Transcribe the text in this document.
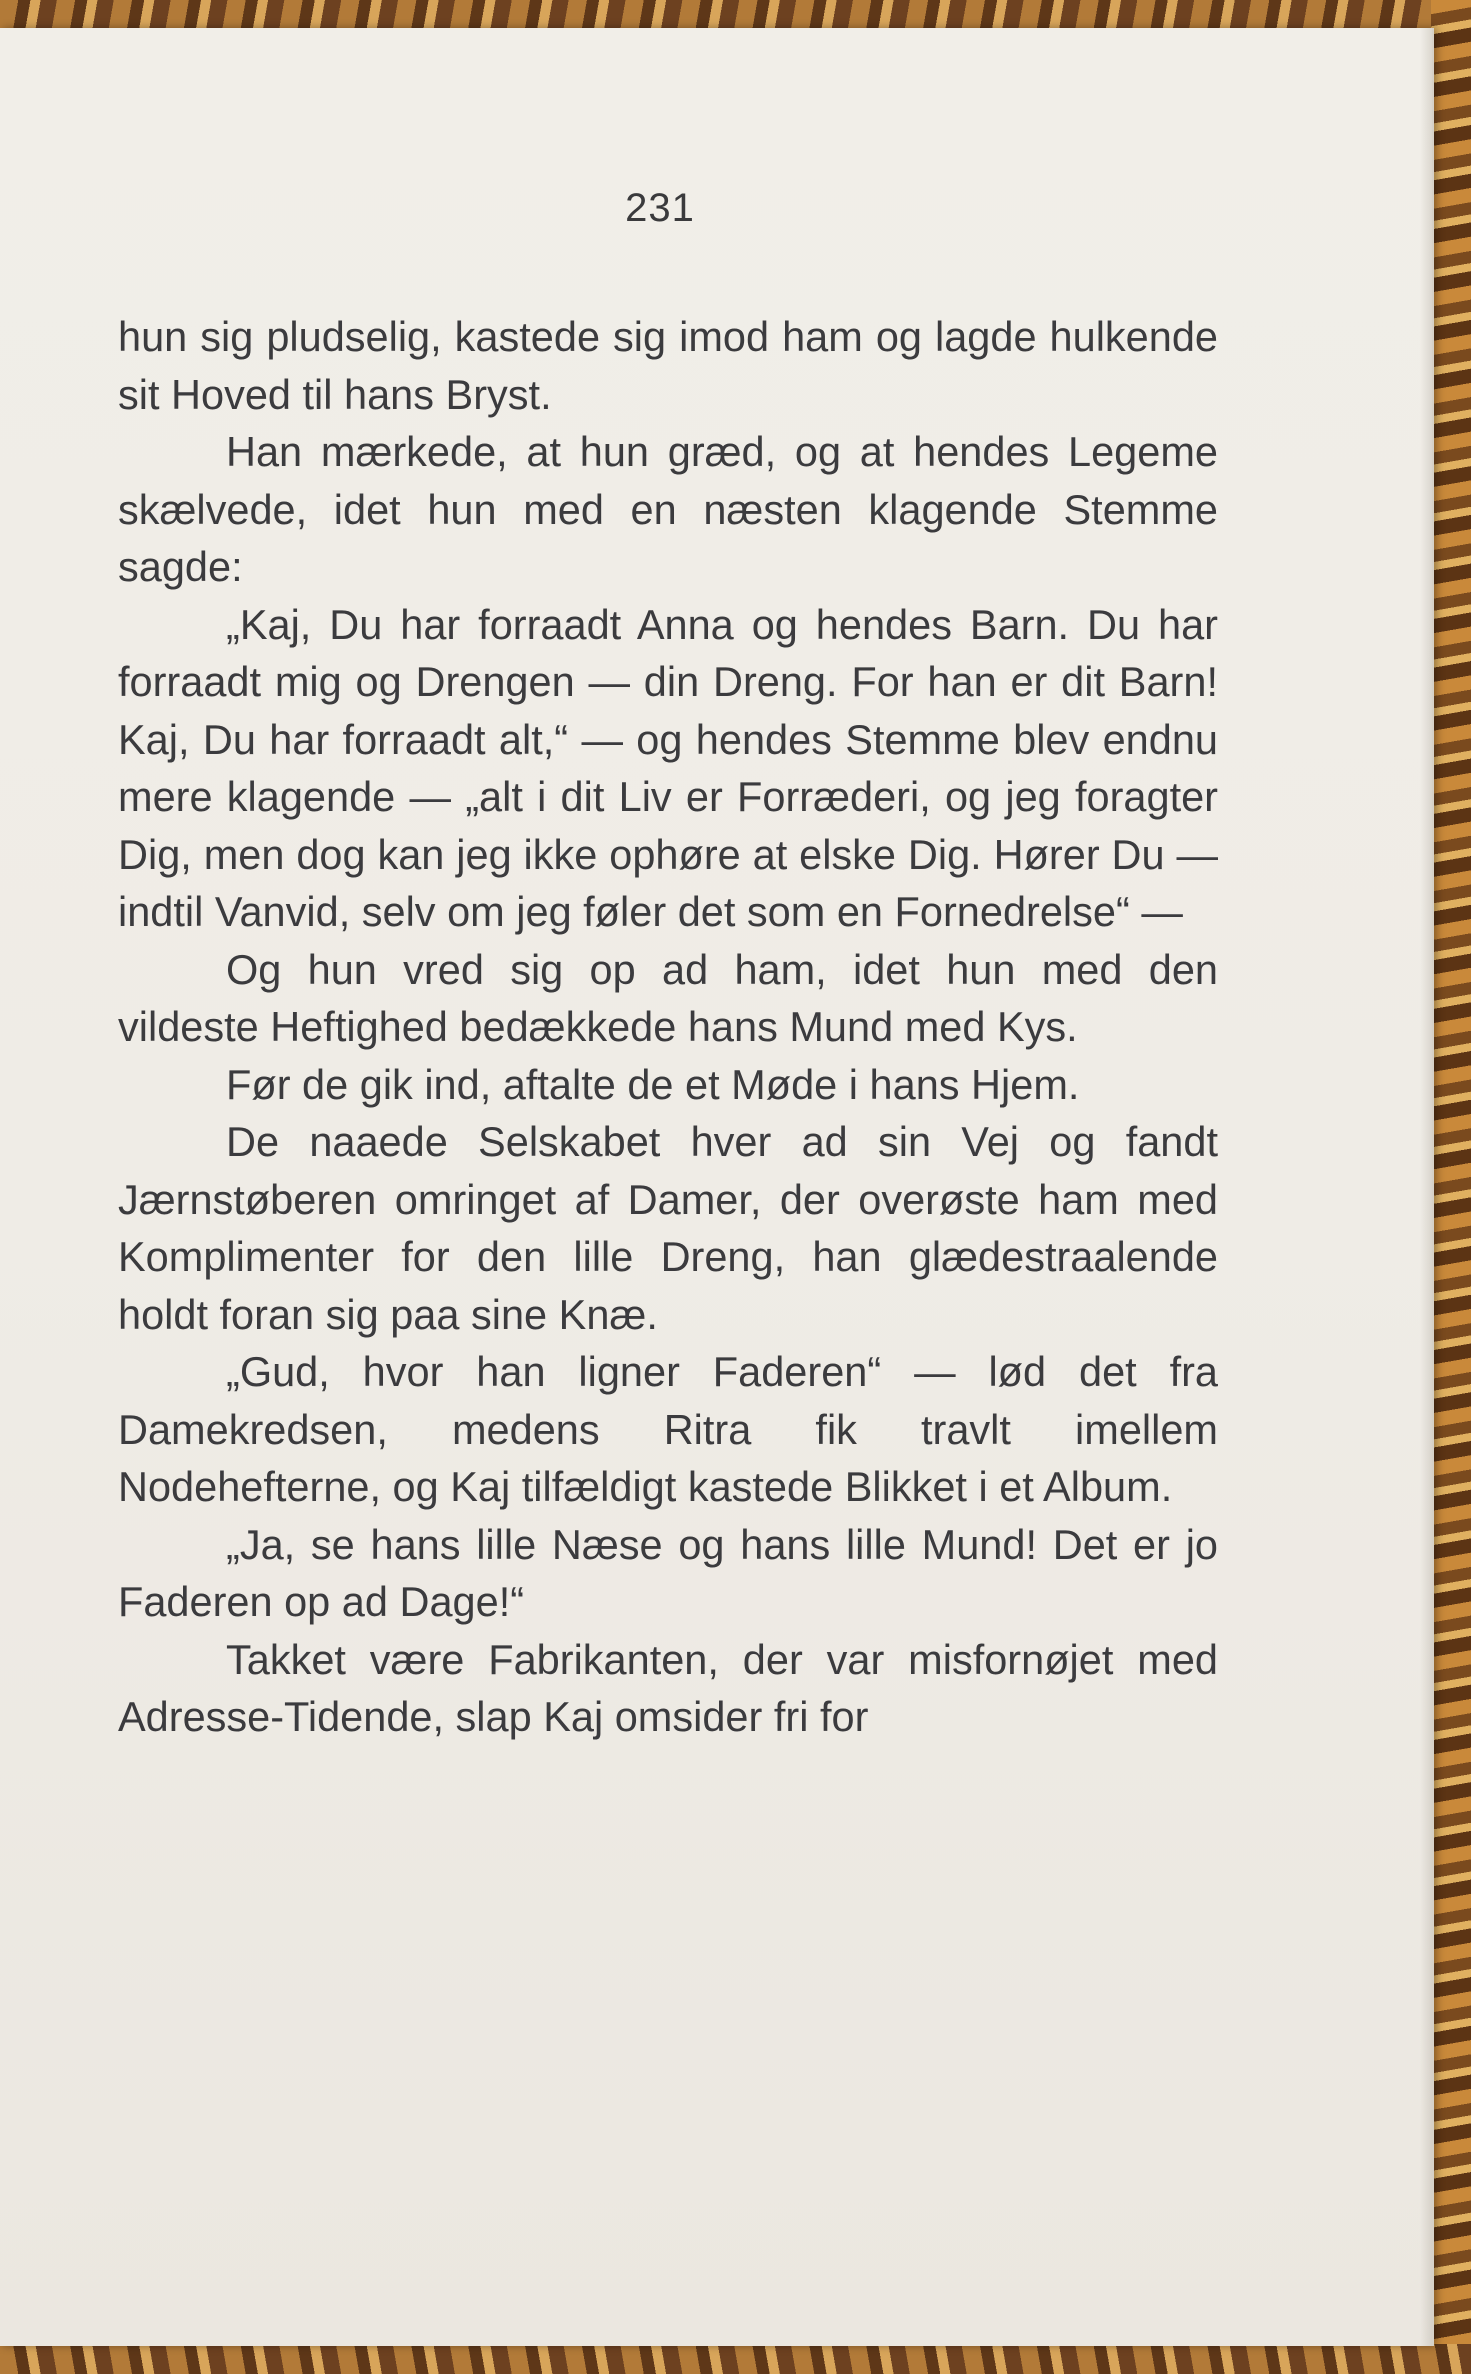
231

hun sig pludselig, kastede sig imod ham og lagde hulkende sit Hoved til hans Bryst.

Han mærkede, at hun græd, og at hendes Legeme skælvede, idet hun med en næsten klagende Stemme sagde:

„Kaj, Du har forraadt Anna og hendes Barn. Du har forraadt mig og Drengen — din Dreng. For han er dit Barn! Kaj, Du har forraadt alt,“ — og hendes Stemme blev endnu mere klagende — „alt i dit Liv er Forræderi, og jeg foragter Dig, men dog kan jeg ikke ophøre at elske Dig. Hører Du — indtil Vanvid, selv om jeg føler det som en Fornedrelse“ —

Og hun vred sig op ad ham, idet hun med den vildeste Heftighed bedækkede hans Mund med Kys.

Før de gik ind, aftalte de et Møde i hans Hjem.

De naaede Selskabet hver ad sin Vej og fandt Jærnstøberen omringet af Damer, der overøste ham med Komplimenter for den lille Dreng, han glædestraalende holdt foran sig paa sine Knæ.

„Gud, hvor han ligner Faderen“ — lød det fra Damekredsen, medens Ritra fik travlt imellem Nodehefterne, og Kaj tilfældigt kastede Blikket i et Album.

„Ja, se hans lille Næse og hans lille Mund! Det er jo Faderen op ad Dage!“

Takket være Fabrikanten, der var misfornøjet med Adresse-Tidende, slap Kaj omsider fri for
